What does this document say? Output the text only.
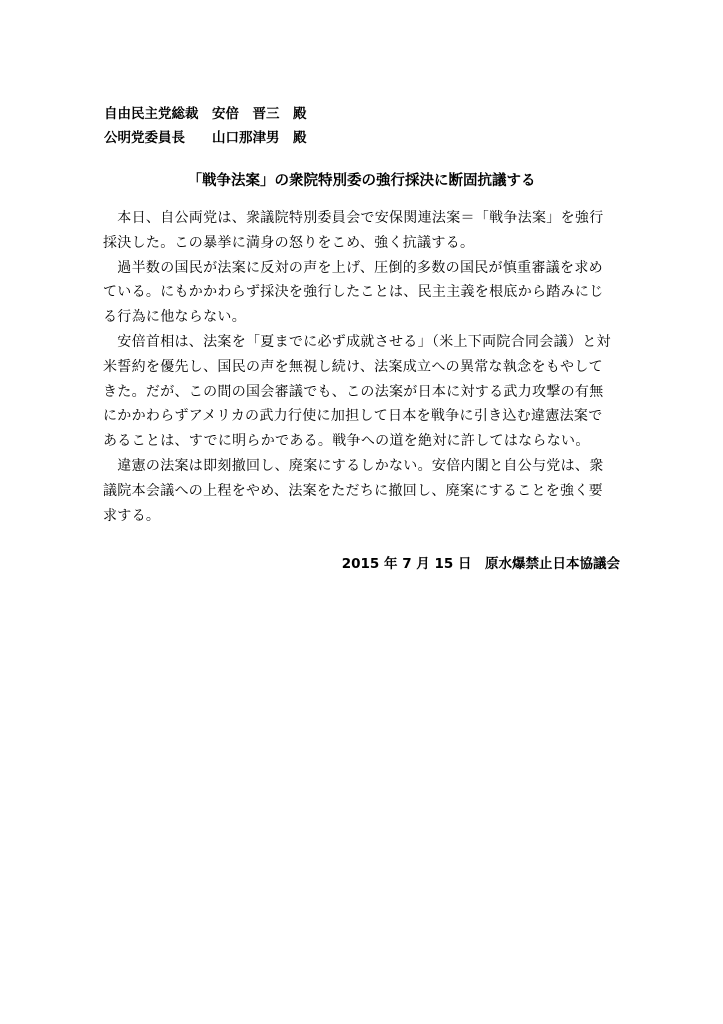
自由民主党総裁　安倍　晋三　殿
公明党委員長　　山口那津男　殿
「戦争法案」の衆院特別委の強行採決に断固抗議する

　本日、自公両党は、衆議院特別委員会で安保関連法案＝「戦争法案」を強行
採決した。この暴挙に満身の怒りをこめ、強く抗議する。

　過半数の国民が法案に反対の声を上げ、圧倒的多数の国民が慎重審議を求め
ている。にもかかわらず採決を強行したことは、民主主義を根底から踏みにじ
る行為に他ならない。

　安倍首相は、法案を「夏までに必ず成就させる」（米上下両院合同会議）と対
米誓約を優先し、国民の声を無視し続け、法案成立への異常な執念をもやして
きた。だが、この間の国会審議でも、この法案が日本に対する武力攻撃の有無
にかかわらずアメリカの武力行使に加担して日本を戦争に引き込む違憲法案で
あることは、すでに明らかである。戦争への道を絶対に許してはならない。

　違憲の法案は即刻撤回し、廃案にするしかない。安倍内閣と自公与党は、衆
議院本会議への上程をやめ、法案をただちに撤回し、廃案にすることを強く要
求する。

2015 年 7 月 15 日　原水爆禁止日本協議会
